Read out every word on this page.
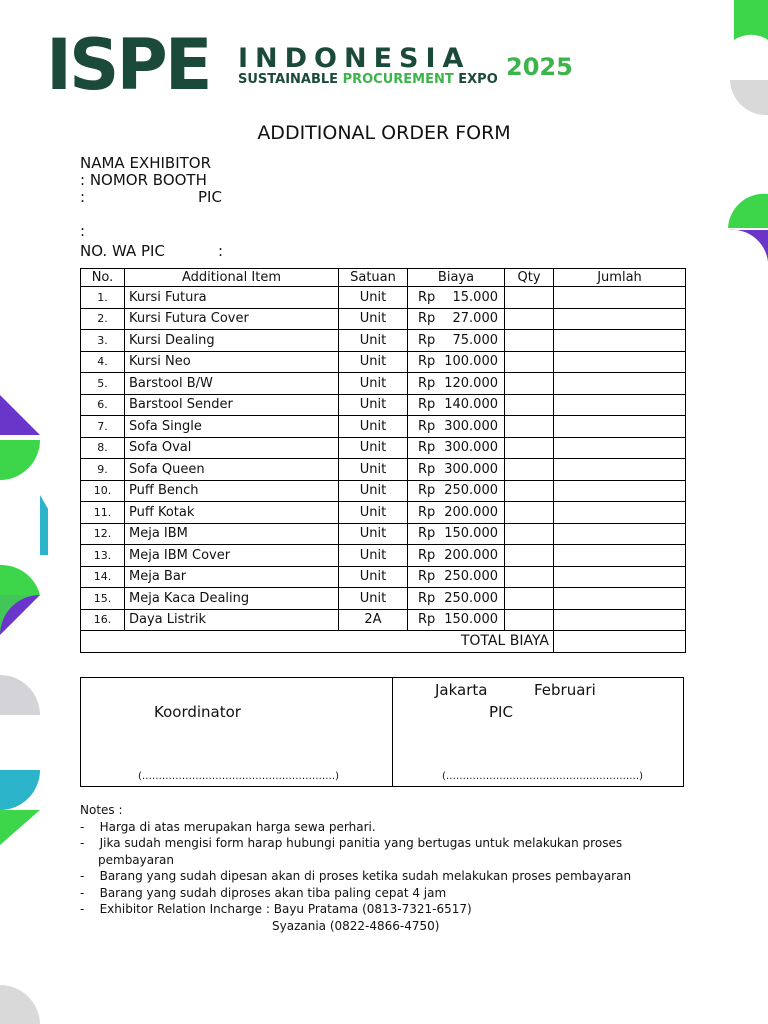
ISPE INDONESIA
SUSTAINABLE PROCUREMENT EXPO 2025
ADDITIONAL ORDER FORM
NAMA EXHIBITOR
: NOMOR BOOTH
:	PIC
:
NO. WA PIC	:
No.	Additional Item	Satuan	Biaya	Qty	Jumlah
1.	Kursi Futura	Unit	Rp 15.000		

2.	Kursi Futura Cover	Unit	Rp 27.000		

3.	Kursi Dealing	Unit	Rp 75.000		

4.	Kursi Neo	Unit	Rp 100.000		

5.	Barstool B/W	Unit	Rp 120.000		

6.	Barstool Sender	Unit	Rp 140.000		

7.	Sofa Single	Unit	Rp 300.000		

8.	Sofa Oval	Unit	Rp 300.000		

9.	Sofa Queen	Unit	Rp 300.000		

10.	Puff Bench	Unit	Rp 250.000		

11.	Puff Kotak	Unit	Rp 200.000		

12.	Meja IBM	Unit	Rp 150.000		

13.	Meja IBM Cover	Unit	Rp 200.000		

14.	Meja Bar	Unit	Rp 250.000		

15.	Meja Kaca Dealing	Unit	Rp 250.000		

16.	Daya Listrik	2A	Rp 150.000		

TOTAL BIAYA					
Koordinator
(………………………………………………….)
Jakarta	Februari
PIC
(………………………………………………….)
Notes :
-    Harga di atas merupakan harga sewa perhari.
-    Jika sudah mengisi form harap hubungi panitia yang bertugas untuk melakukan proses
pembayaran
-    Barang yang sudah dipesan akan di proses ketika sudah melakukan proses pembayaran
-    Barang yang sudah diproses akan tiba paling cepat 4 jam
-    Exhibitor Relation Incharge : Bayu Pratama (0813-7321-6517)
Syazania (0822-4866-4750)
